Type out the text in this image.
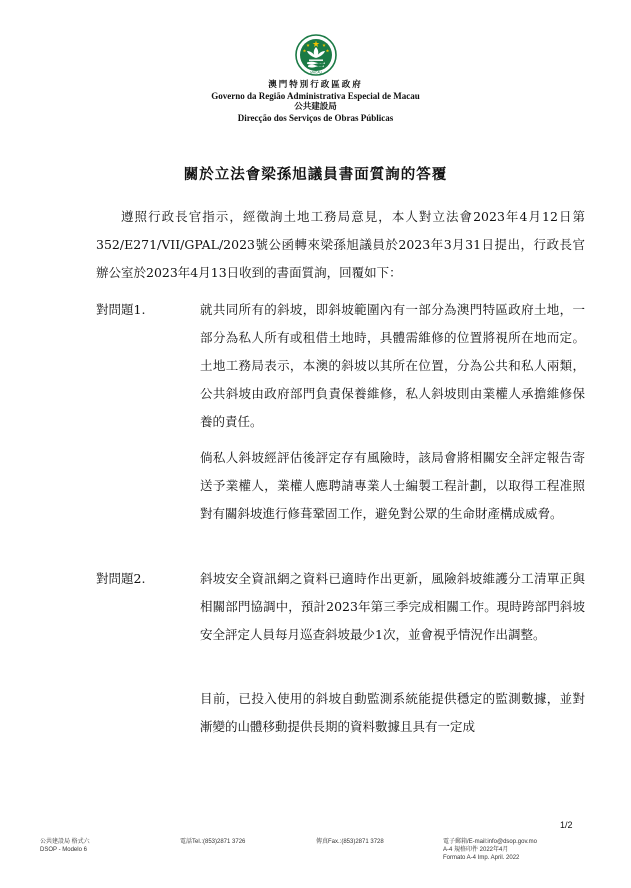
MACAU
澳門特別行政區政府
Governo da Região Administrativa Especial de Macau
公共建設局
Direcção dos Serviços de Obras Públicas
關於立法會梁孫旭議員書面質詢的答覆

遵照行政長官指示，經徵詢土地工務局意見，本人對立法會2023年4月12日第352/E271/VII/GPAL/2023號公函轉來梁孫旭議員於2023年3月31日提出，行政長官辦公室於2023年4月13日收到的書面質詢，回覆如下：

對問題1.	就共同所有的斜坡，即斜坡範圍內有一部分為澳門特區政府土地，一部分為私人所有或租借土地時，具體需維修的位置將視所在地而定。土地工務局表示，本澳的斜坡以其所在位置，分為公共和私人兩類，公共斜坡由政府部門負責保養維修，私人斜坡則由業權人承擔維修保養的責任。

倘私人斜坡經評估後評定存有風險時，該局會將相關安全評定報告寄送予業權人，業權人應聘請專業人士編製工程計劃，以取得工程准照對有關斜坡進行修葺鞏固工作，避免對公眾的生命財產構成威脅。

對問題2.	斜坡安全資訊網之資料已適時作出更新，風險斜坡維護分工清單正與相關部門協調中，預計2023年第三季完成相關工作。現時跨部門斜坡安全評定人員每月巡查斜坡最少1次，並會視乎情況作出調整。

目前，已投入使用的斜坡自動監測系統能提供穩定的監測數據，並對漸變的山體移動提供長期的資料數據且具有一定成

1/2
公共建設局 格式六
DSOP - Modelo 6
電話Tel.:(853)2871 3726	傳真Fax.:(853)2871 3728	電子郵箱/E-mail:info@dsop.gov.mo
A-4 規格印件 2022年4月
Formato A-4 Imp. April. 2022
